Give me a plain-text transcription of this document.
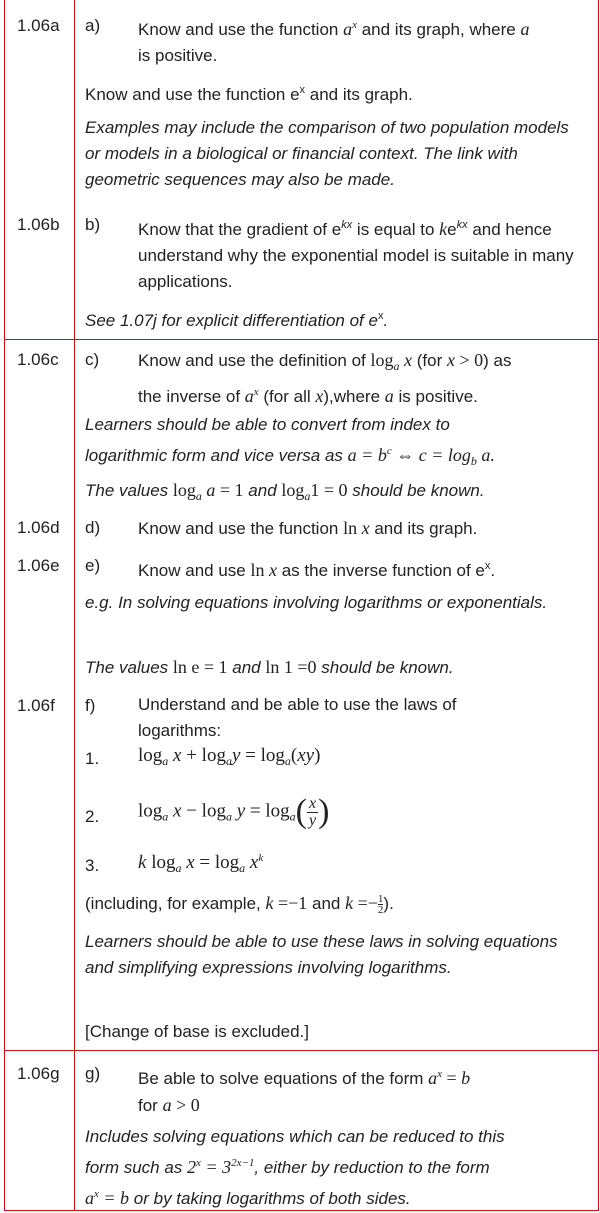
1.06a a) Know and use the function $a^x$ and its graph, where a
is positive.
Know and use the function $e^x$ and its graph.
Examples may include the comparison of two population models or models in a biological or financial context. The link with geometric sequences may also be made.
1.06b b) Know that the gradient of $e^{kx}$ is equal to $ke^{kx}$ and hence understand why the exponential model is suitable in many applications.
See 1.07j for explicit differentiation of $e^x$.
1.06c c) Know and use the definition of $\log_a x$ (for x > 0) as
the inverse of $a^x$ (for all x),where a is positive.
Learners should be able to convert from index to
logarithmic form and vice versa as $a = b^c$ ⇔ $c = \log_b a$.
The values $\log_a a = 1$ and $\log_a1 = 0$ should be known.
1.06d d) Know and use the function ln x and its graph.
1.06e e) Know and use ln x as the inverse function of $e^x$.
e.g. In solving equations involving logarithms or exponentials.
The values ln e = 1 and ln 1 =0 should be known.
1.06f f)	Understand and be able to use the laws of logarithms:
1. $\log_a x + \log_ay = \log_a(xy)$
2. $\log_a x - \log_a y = \log_a( \frac{x}{y}$ )
3. k $\log_a x = \log_a x^k$
(including, for example, k =−1 and $k =- \frac{1}{2}$ ).
Learners should be able to use these laws in solving equations and simplifying expressions involving logarithms.
[Change of base is excluded.]
1.06g g) Be able to solve equations of the form $a^x = b$
for a > 0
Includes solving equations which can be reduced to this
form such as $2^x = 3^{2x-1}$, either by reduction to the form
$a^x = b$ or by taking logarithms of both sides.
